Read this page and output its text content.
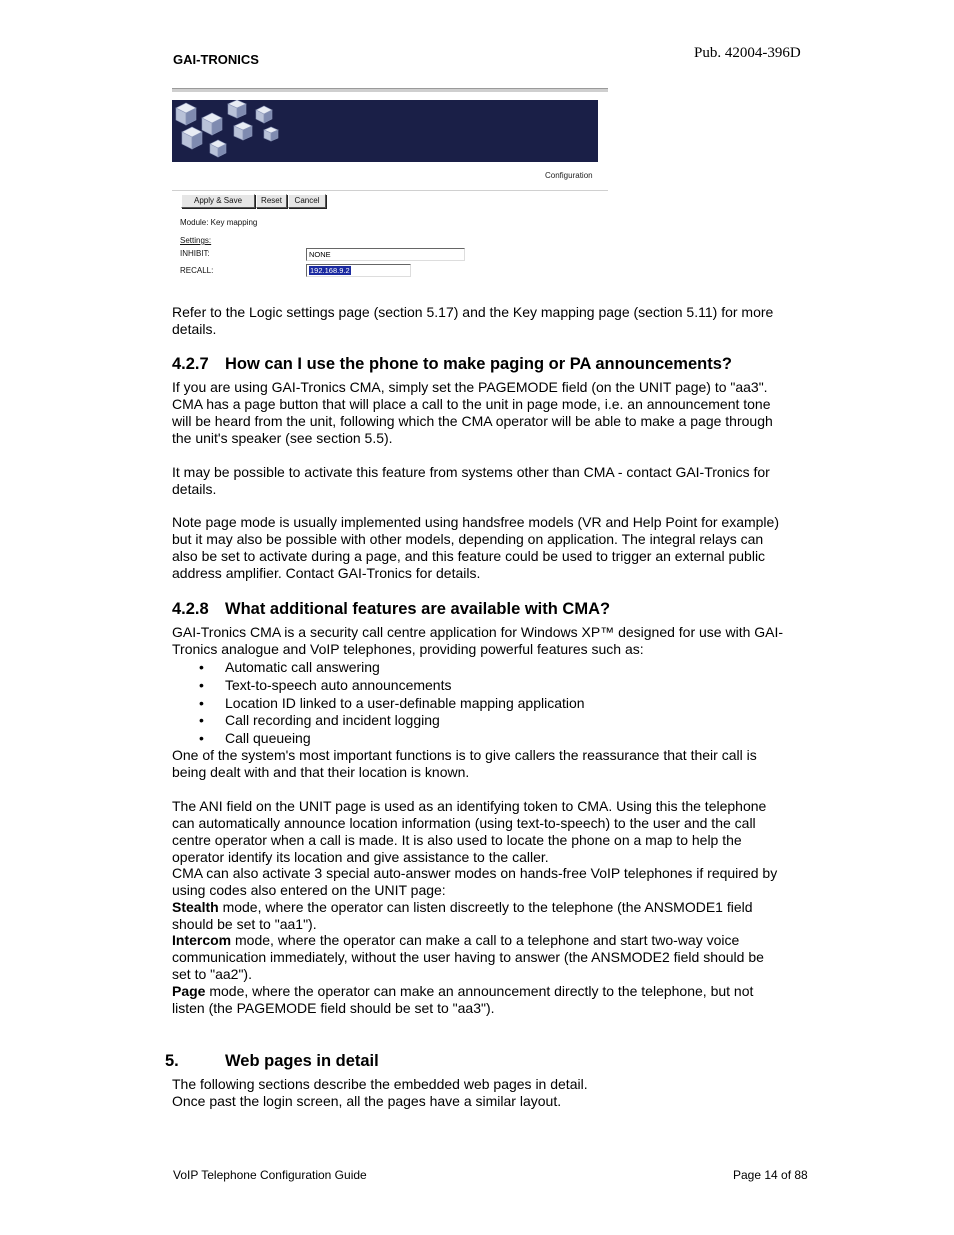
GAI-TRONICS	Pub. 42004-396D
Configuration
Apply & Save	Reset	Cancel
Module: Key mapping
Settings:
INHIBIT:	NONE
RECALL:	192.168.9.2
Refer to the Logic settings page (section 5.17) and the Key mapping page (section 5.11) for more details.
4.2.7 How can I use the phone to make paging or PA announcements?
If you are using GAI-Tronics CMA, simply set the PAGEMODE field (on the UNIT page) to "aa3". CMA has a page button that will place a call to the unit in page mode, i.e. an announcement tone will be heard from the unit, following which the CMA operator will be able to make a page through the unit's speaker (see section 5.5).
It may be possible to activate this feature from systems other than CMA - contact GAI-Tronics for details.
Note page mode is usually implemented using handsfree models (VR and Help Point for example) but it may also be possible with other models, depending on application. The integral relays can also be set to activate during a page, and this feature could be used to trigger an external public address amplifier. Contact GAI-Tronics for details.
4.2.8 What additional features are available with CMA?
GAI-Tronics CMA is a security call centre application for Windows XP™ designed for use with GAI-Tronics analogue and VoIP telephones, providing powerful features such as:
• Automatic call answering
• Text-to-speech auto announcements
• Location ID linked to a user-definable mapping application
• Call recording and incident logging
• Call queueing
One of the system's most important functions is to give callers the reassurance that their call is being dealt with and that their location is known.
The ANI field on the UNIT page is used as an identifying token to CMA. Using this the telephone can automatically announce location information (using text-to-speech) to the user and the call centre operator when a call is made. It is also used to locate the phone on a map to help the operator identify its location and give assistance to the caller.
CMA can also activate 3 special auto-answer modes on hands-free VoIP telephones if required by using codes also entered on the UNIT page:
Stealth mode, where the operator can listen discreetly to the telephone (the ANSMODE1 field should be set to "aa1").
Intercom mode, where the operator can make a call to a telephone and start two-way voice communication immediately, without the user having to answer (the ANSMODE2 field should be set to "aa2").
Page mode, where the operator can make an announcement directly to the telephone, but not listen (the PAGEMODE field should be set to "aa3").
5.	Web pages in detail
The following sections describe the embedded web pages in detail.
Once past the login screen, all the pages have a similar layout.
VoIP Telephone Configuration Guide	Page 14 of 88
